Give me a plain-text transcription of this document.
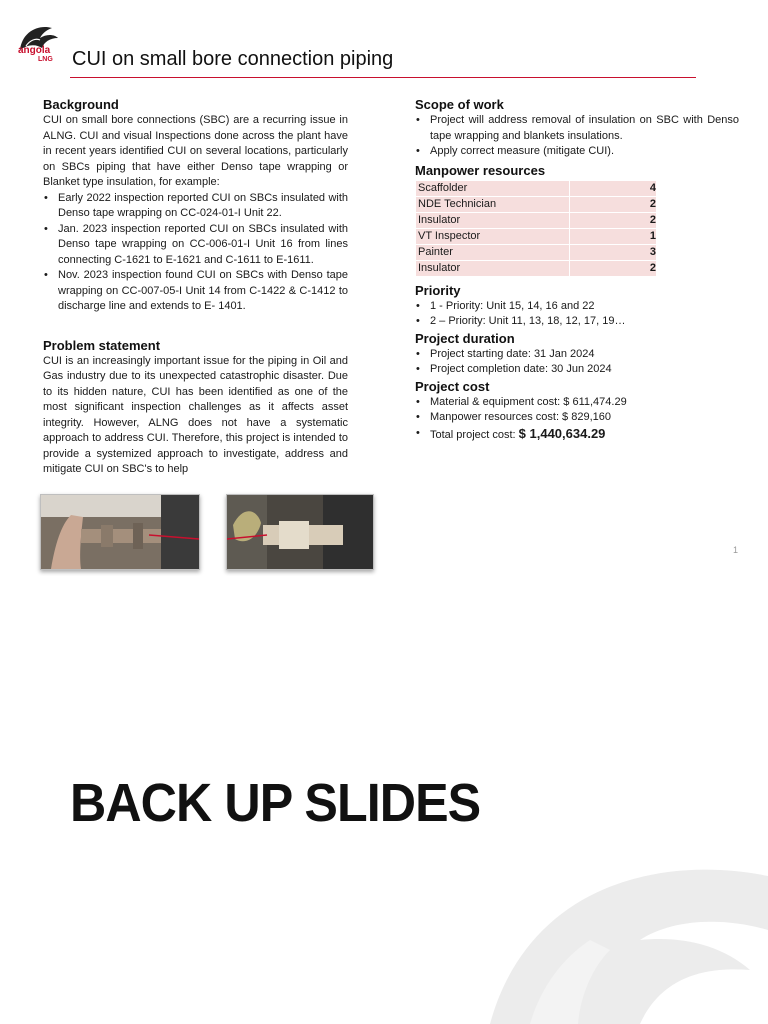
angola
LNG CUI on small bore connection piping
Background

CUI on small bore connections (SBC) are a recurring issue in ALNG. CUI and visual Inspections done across the plant have in recent years identified CUI on several locations, particularly on SBCs piping that have either Denso tape wrapping or Blanket type insulation, for example:

• Early 2022 inspection reported CUI on SBCs insulated with Denso tape wrapping on CC-024-01-I Unit 22.
• Jan. 2023 inspection reported CUI on SBCs insulated with Denso tape wrapping on CC-006-01-I Unit 16 from lines connecting C-1621 to E-1621 and C-1611 to E-1611.
• Nov. 2023 inspection found CUI on SBCs with Denso tape wrapping on CC-007-05-I Unit 14 from C-1422 & C-1412 to discharge line and extends to E- 1401.
Problem statement

CUI is an increasingly important issue for the piping in Oil and Gas industry due to its unexpected catastrophic disaster. Due to its hidden nature, CUI has been identified as one of the most significant inspection challenges as it affects asset integrity. However, ALNG does not have a systematic approach to address CUI. Therefore, this project is intended to provide a systemized approach to investigate, address and mitigate CUI on SBC's to help

Scope of work
• Project will address removal of insulation on SBC with Denso tape wrapping and blankets insulations.
• Apply correct measure (mitigate CUI).
Manpower resources
Scaffolder	4
NDE Technician	2
Insulator	2
VT Inspector	1
Painter	3
Insulator	2
Priority
• 1 - Priority: Unit 15, 14, 16 and 22
• 2 – Priority: Unit 11, 13, 18, 12, 17, 19…
Project duration
• Project starting date: 31 Jan 2024
• Project completion date: 30 Jun 2024
Project cost
• Material & equipment cost: $ 611,474.29
• Manpower resources cost: $ 829,160
• Total project cost: $ 1,440,634.29
1
BACK UP SLIDES
